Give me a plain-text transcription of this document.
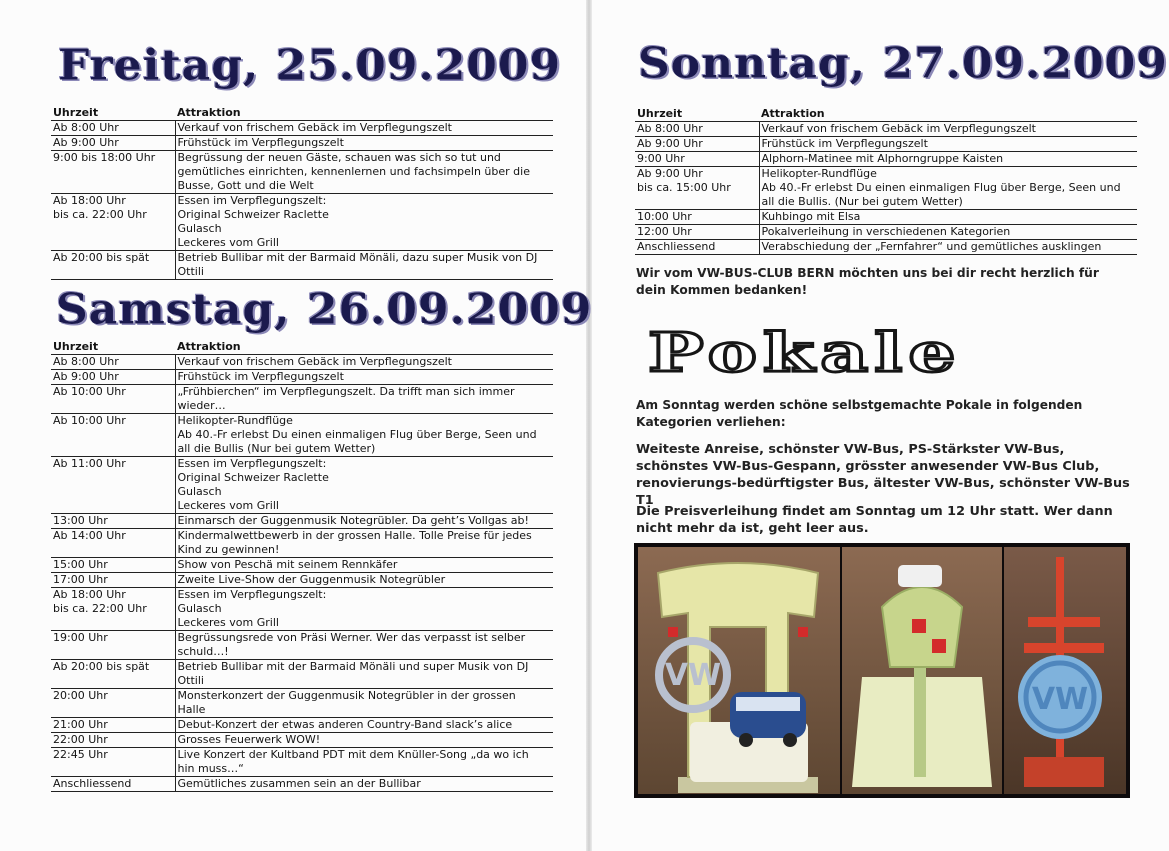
Freitag, 25.09.2009
Uhrzeit	Attraktion
Ab 8:00 Uhr	Verkauf von frischem Gebäck im Verpflegungszelt
Ab 9:00 Uhr	Frühstück im Verpflegungszelt
9:00 bis 18:00 Uhr	Begrüssung der neuen Gäste, schauen was sich so tut und
gemütliches einrichten, kennenlernen und fachsimpeln über die
Busse, Gott und die Welt
Ab 18:00 Uhr
bis ca. 22:00 Uhr	Essen im Verpflegungszelt:
Original Schweizer Raclette
Gulasch
Leckeres vom Grill
Ab 20:00 bis spät	Betrieb Bullibar mit der Barmaid Mönäli, dazu super Musik von DJ
Ottili
Samstag, 26.09.2009
Uhrzeit	Attraktion
Ab 8:00 Uhr	Verkauf von frischem Gebäck im Verpflegungszelt
Ab 9:00 Uhr	Frühstück im Verpflegungszelt
Ab 10:00 Uhr	„Frühbierchen“ im Verpflegungszelt. Da trifft man sich immer
wieder…
Ab 10:00 Uhr	Helikopter-Rundflüge
Ab 40.-Fr erlebst Du einen einmaligen Flug über Berge, Seen und
all die Bullis (Nur bei gutem Wetter)
Ab 11:00 Uhr	Essen im Verpflegungszelt:
Original Schweizer Raclette
Gulasch
Leckeres vom Grill
13:00 Uhr	Einmarsch der Guggenmusik Notegrübler. Da geht’s Vollgas ab!
Ab 14:00 Uhr	Kindermalwettbewerb in der grossen Halle. Tolle Preise für jedes
Kind zu gewinnen!
15:00 Uhr	Show von Peschä mit seinem Rennkäfer
17:00 Uhr	Zweite Live-Show der Guggenmusik Notegrübler
Ab 18:00 Uhr
bis ca. 22:00 Uhr	Essen im Verpflegungszelt:
Gulasch
Leckeres vom Grill
19:00 Uhr	Begrüssungsrede von Präsi Werner. Wer das verpasst ist selber
schuld…!
Ab 20:00 bis spät	Betrieb Bullibar mit der Barmaid Mönäli und super Musik von DJ
Ottili
20:00 Uhr	Monsterkonzert der Guggenmusik Notegrübler in der grossen
Halle
21:00 Uhr	Debut-Konzert der etwas anderen Country-Band slack’s alice
22:00 Uhr	Grosses Feuerwerk WOW!
22:45 Uhr	Live Konzert der Kultband PDT mit dem Knüller-Song „da wo ich
hin muss…“
Anschliessend	Gemütliches zusammen sein an der Bullibar
Sonntag, 27.09.2009
Uhrzeit	Attraktion
Ab 8:00 Uhr	Verkauf von frischem Gebäck im Verpflegungszelt
Ab 9:00 Uhr	Frühstück im Verpflegungszelt
9:00 Uhr	Alphorn-Matinee mit Alphorngruppe Kaisten
Ab 9:00 Uhr
bis ca. 15:00 Uhr	Helikopter-Rundflüge
Ab 40.-Fr erlebst Du einen einmaligen Flug über Berge, Seen und
all die Bullis. (Nur bei gutem Wetter)
10:00 Uhr	Kuhbingo mit Elsa
12:00 Uhr	Pokalverleihung in verschiedenen Kategorien
Anschliessend	Verabschiedung der „Fernfahrer“ und gemütliches ausklingen
Wir vom VW-BUS-CLUB BERN möchten uns bei dir recht herzlich für dein Kommen bedanken!
Pokale
Am Sonntag werden schöne selbstgemachte Pokale in folgenden Kategorien verliehen:
Weiteste Anreise, schönster VW-Bus, PS-Stärkster VW-Bus, schönstes VW-Bus-Gespann, grösster anwesender VW-Bus Club, renovierungs-bedürftigster Bus, ältester VW-Bus, schönster VW-Bus T1
Die Preisverleihung findet am Sonntag um 12 Uhr statt. Wer dann nicht mehr da ist, geht leer aus.
VW
VW
